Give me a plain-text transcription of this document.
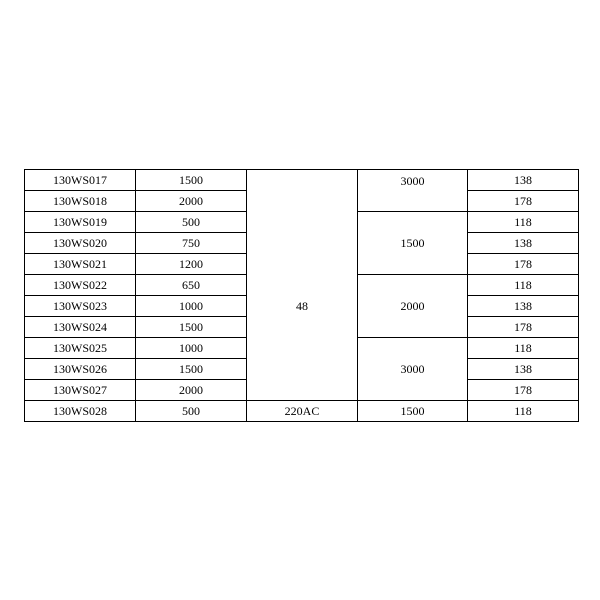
130WS017	1500		3000	138
130WS018	2000			178
130WS019	500	48	1500	118
130WS020	750			138
130WS021	1200			178
130WS022	650		2000	118
130WS023	1000			138
130WS024	1500			178
130WS025	1000		3000	118
130WS026	1500			138
130WS027	2000			178
130WS028	500	220AC	1500	118
